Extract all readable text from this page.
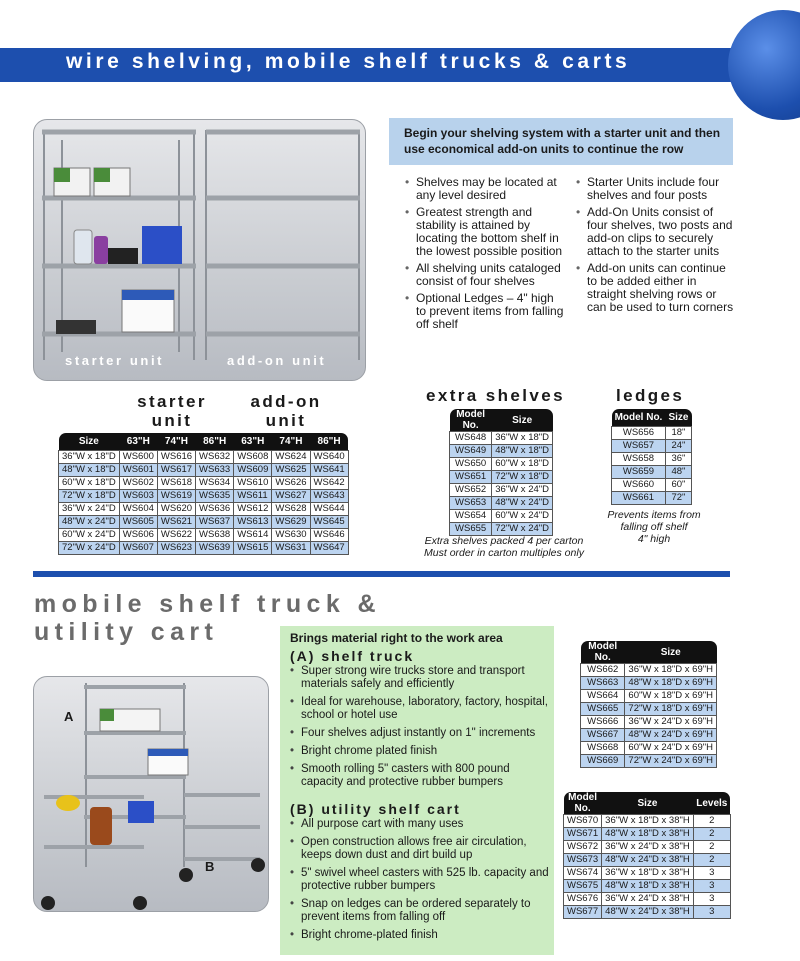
wire shelving, mobile shelf trucks & carts
starter unit	add-on unit
Begin your shelving system with a starter unit and then use economical add-on units to continue the row
• Shelves may be located at any level desired
• Greatest strength and stability is attained by locating the bottom shelf in the lowest possible position
• All shelving units cataloged consist of four shelves
• Optional Ledges – 4" high to prevent items from falling off shelf
• Starter Units include four shelves and four posts
• Add-On Units consist of four shelves, two posts and add-on clips to securely attach to the starter units
• Add-on units can continue to be added either in straight shelving rows or can be used to turn corners
starter unit
add-on unit
Size	63"H	74"H	86"H	63"H	74"H	86"H
36"W x 18"D	WS600	WS616	WS632	WS608	WS624	WS640
48"W x 18"D	WS601	WS617	WS633	WS609	WS625	WS641
60"W x 18"D	WS602	WS618	WS634	WS610	WS626	WS642
72"W x 18"D	WS603	WS619	WS635	WS611	WS627	WS643
36"W x 24"D	WS604	WS620	WS636	WS612	WS628	WS644
48"W x 24"D	WS605	WS621	WS637	WS613	WS629	WS645
60"W x 24"D	WS606	WS622	WS638	WS614	WS630	WS646
72"W x 24"D	WS607	WS623	WS639	WS615	WS631	WS647
extra shelves
Model No.	Size
WS648	36"W x 18"D
WS649	48"W x 18"D
WS650	60"W x 18"D
WS651	72"W x 18"D
WS652	36"W x 24"D
WS653	48"W x 24"D
WS654	60"W x 24"D
WS655	72"W x 24"D
Extra shelves packed 4 per carton
Must order in carton multiples only
ledges
Model No.	Size
WS656	18"
WS657	24"
WS658	36"
WS659	48"
WS660	60"
WS661	72"
Prevents items from
falling off shelf
4" high
mobile shelf truck &
utility cart
A
B
Brings material right to the work area
(A) shelf truck
• Super strong wire trucks store and transport materials safely and efficiently
• Ideal for warehouse, laboratory, factory, hospital, school or hotel use
• Four shelves adjust instantly on 1" increments
• Bright chrome plated finish
• Smooth rolling 5" casters with 800 pound capacity and protective rubber bumpers
(B) utility shelf cart
• All purpose cart with many uses
• Open construction allows free air circulation, keeps down dust and dirt build up
• 5" swivel wheel casters with 525 lb. capacity and protective rubber bumpers
• Snap on ledges can be ordered separately to prevent items from falling off
• Bright chrome-plated finish
Model No.	Size
WS662	36"W x 18"D x 69"H
WS663	48"W x 18"D x 69"H
WS664	60"W x 18"D x 69"H
WS665	72"W x 18"D x 69"H
WS666	36"W x 24"D x 69"H
WS667	48"W x 24"D x 69"H
WS668	60"W x 24"D x 69"H
WS669	72"W x 24"D x 69"H
Model No.	Size	Levels
WS670	36"W x 18"D x 38"H	2
WS671	48"W x 18"D x 38"H	2
WS672	36"W x 24"D x 38"H	2
WS673	48"W x 24"D x 38"H	2
WS674	36"W x 18"D x 38"H	3
WS675	48"W x 18"D x 38"H	3
WS676	36"W x 24"D x 38"H	3
WS677	48"W x 24"D x 38"H	3
